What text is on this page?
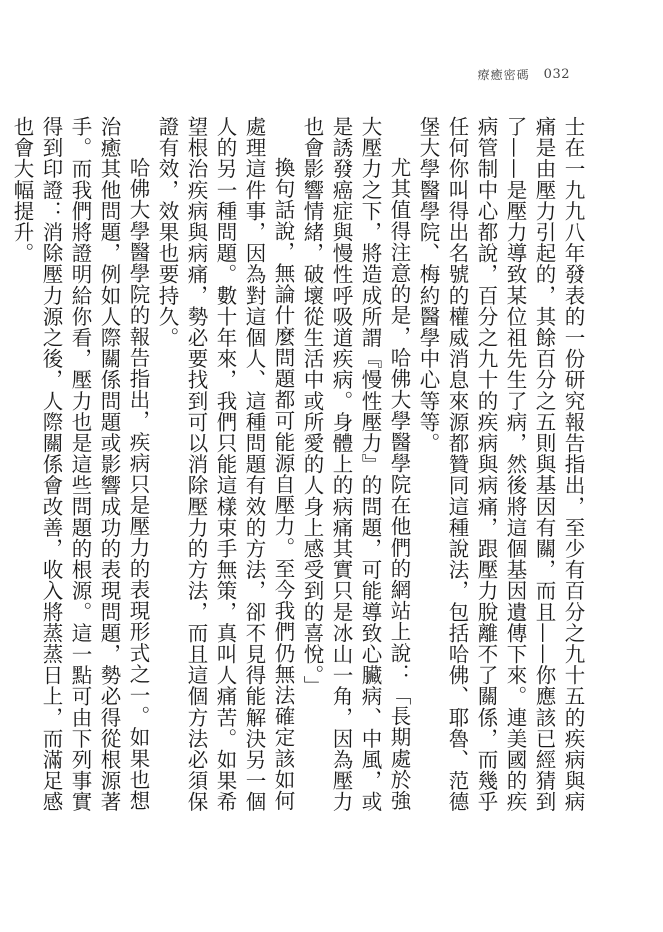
療癒密碼 032

士在一九九八年發表的一份研究報告指出，至少有百分之九十五的疾病與病痛是由壓力引起的，其餘百分之五則與基因有關，而且——你應該已經猜到了——是壓力導致某位祖先生了病，然後將這個基因遺傳下來。連美國的疾病管制中心都說，百分之九十的疾病與病痛，跟壓力脫離不了關係，而幾乎任何你叫得出名號的權威消息來源都贊同這種說法，包括哈佛、耶魯、范德堡大學醫學院、梅約醫學中心等等。

尤其值得注意的是，哈佛大學醫學院在他們的網站上說：「長期處於強大壓力之下，將造成所謂『慢性壓力』的問題，可能導致心臟病、中風，或是誘發癌症與慢性呼吸道疾病。身體上的病痛其實只是冰山一角，因為壓力也會影響情緒，破壞從生活中或所愛的人身上感受到的喜悅。」

換句話說，無論什麼問題都可能源自壓力。至今我們仍無法確定該如何處理這件事，因為對這個人、這種問題有效的方法，卻不見得能解決另一個人的另一種問題。數十年來，我們只能這樣束手無策，真叫人痛苦。如果希望根治疾病與病痛，勢必要找到可以消除壓力的方法，而且這個方法必須保證有效，效果也要持久。

哈佛大學醫學院的報告指出，疾病只是壓力的表現形式之一。如果也想治癒其他問題，例如人際關係問題或影響成功的表現問題，勢必得從根源著手。而我們將證明給你看，壓力也是這些問題的根源。這一點可由下列事實得到印證：消除壓力源之後，人際關係會改善，收入將蒸蒸日上，而滿足感也會大幅提升。
